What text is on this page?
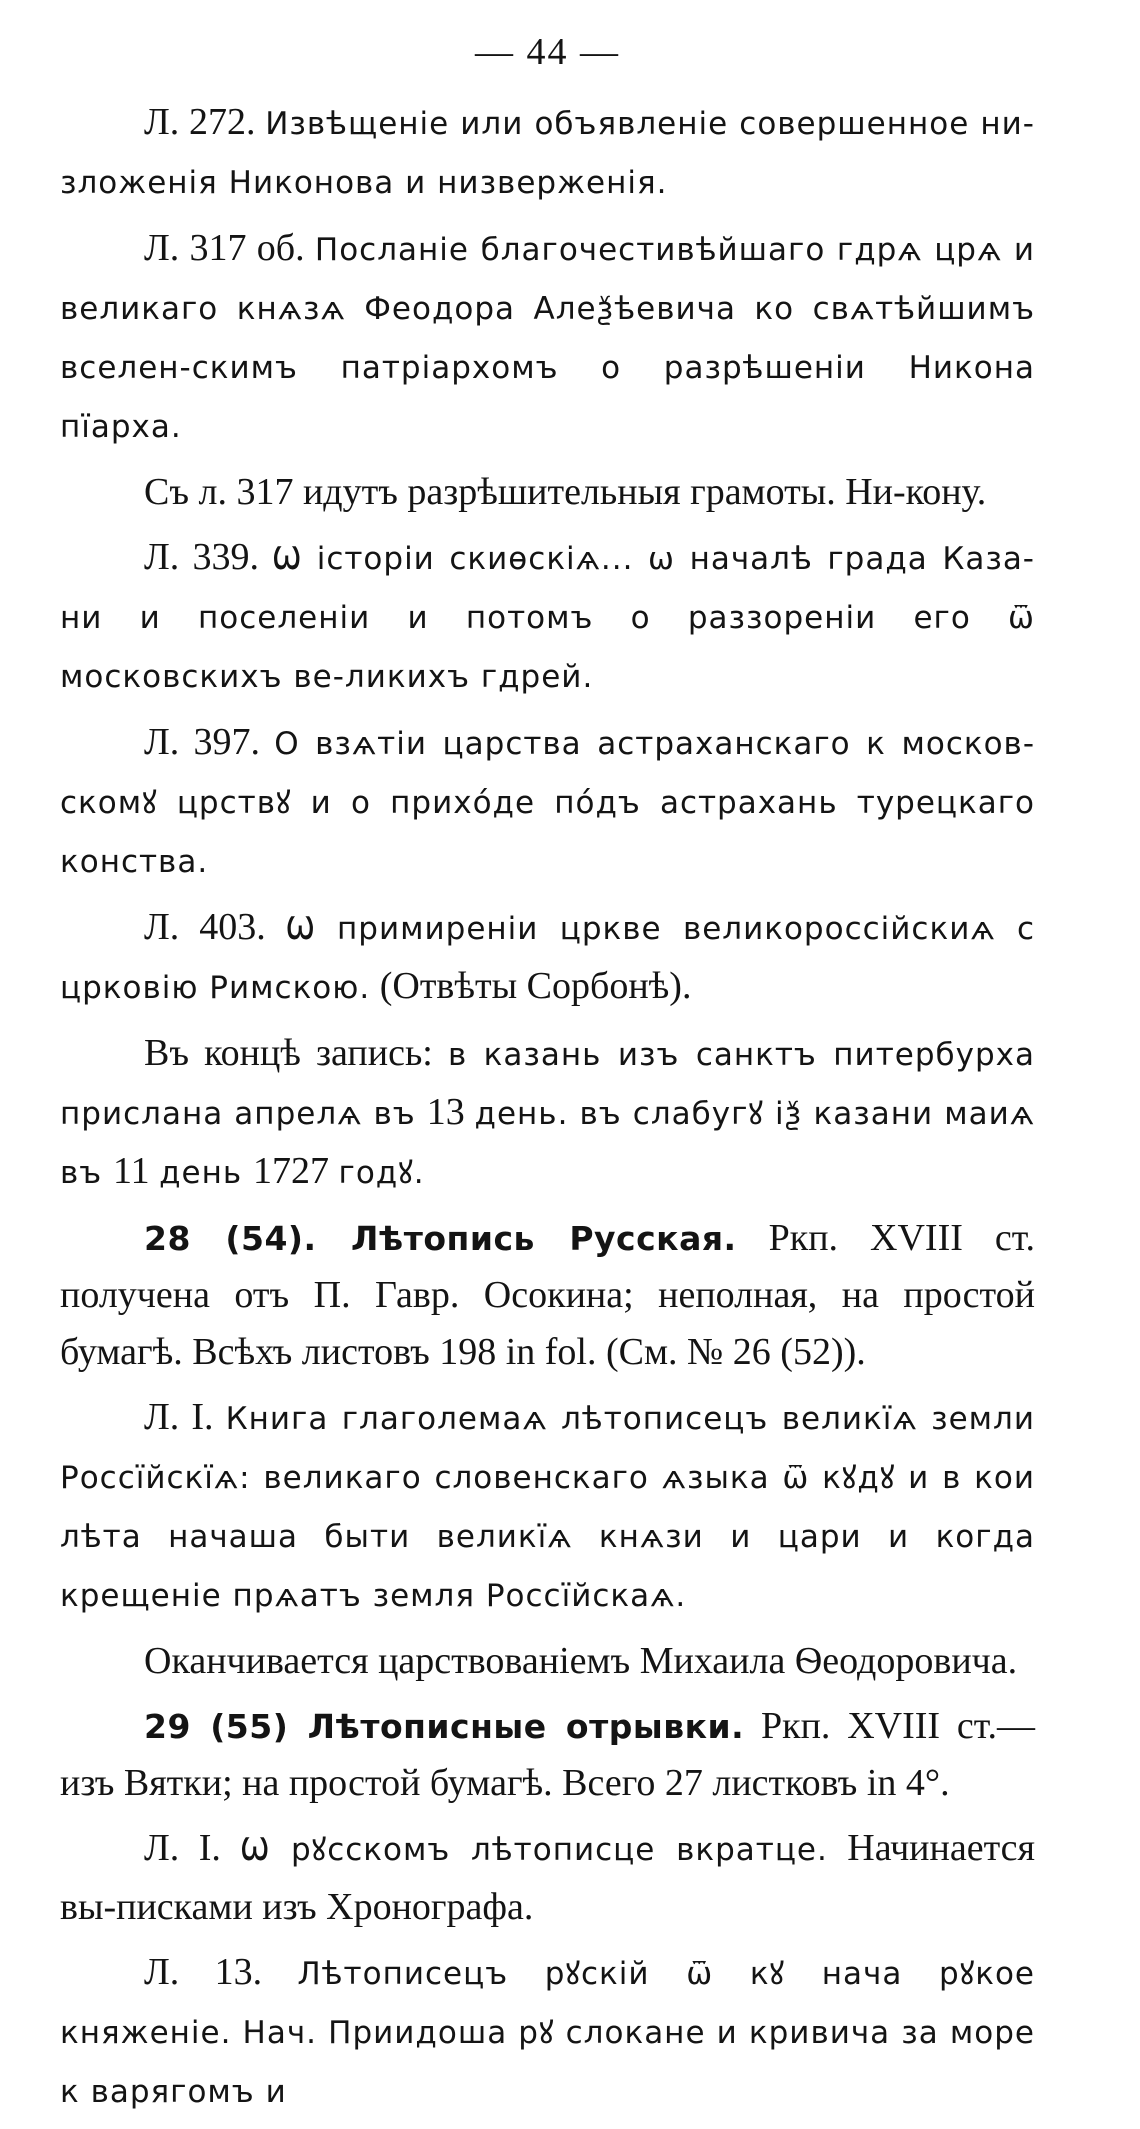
— 44 —

Л. 272. Извѣщеніе или объявленіе совершенное ни-зложенія Никонова и низверженія.

Л. 317 об. Посланіе благочестивѣйшаго гдрѧ црѧ и великаго кнѧзѧ Феодора Алеѯѣевича ко свѧтѣйшимъ вселен-скимъ патріархомъ о разрѣшеніи Никона пїарха.

Съ л. 317 идутъ разрѣшительныя грамоты. Ни-кону.

Л. 339. Ѡ історіи скиѳскіѧ... ѡ началѣ града Каза-ни и поселеніи и потомъ о раззореніи его ѿ московскихъ ве-ликихъ гдрей.

Л. 397. О взѧтіи царства астраханскаго к москов-скомꙋ црствꙋ и о прихóде пóдъ астрахань турецкаго конства.

Л. 403. Ѡ примиреніи цркве великороссійскиѧ с црковію Римскою. (Отвѣты Сорбонѣ).

Въ концѣ запись: в казань изъ санктъ питербурха прислана апрелѧ въ 13 день. въ слабугꙋ іѯ казани маиѧ въ 11 день 1727 годꙋ.

28 (54). Лѣтопись Русская. Ркп. XVIII ст. получена отъ П. Гавр. Осокина; неполная, на простой бумагѣ. Всѣхъ листовъ 198 in fol. (См. № 26 (52)).

Л. I. Книга глаголемаѧ лѣтописецъ великїѧ земли Россїйскїѧ: великаго словенскаго ѧзыка ѿ кꙋдꙋ и в кои лѣта начаша быти великїѧ кнѧзи и цари и когда крещеніе прѧатъ земля Россїйскаѧ.

Оканчивается царствованіемъ Михаила Ѳеодоровича.

29 (55) Лѣтописные отрывки. Ркп. XVIII ст.—изъ Вятки; на простой бумагѣ. Всего 27 листковъ in 4°.

Л. I. Ѡ рꙋсскомъ лѣтописце вкратце. Начинается вы-писками изъ Хронографа.

Л. 13. Лѣтописецъ рꙋскій ѿ кꙋ нача рꙋкое княженіе. Нач. Приидоша рꙋ слокане и кривича за море к варягомъ и
